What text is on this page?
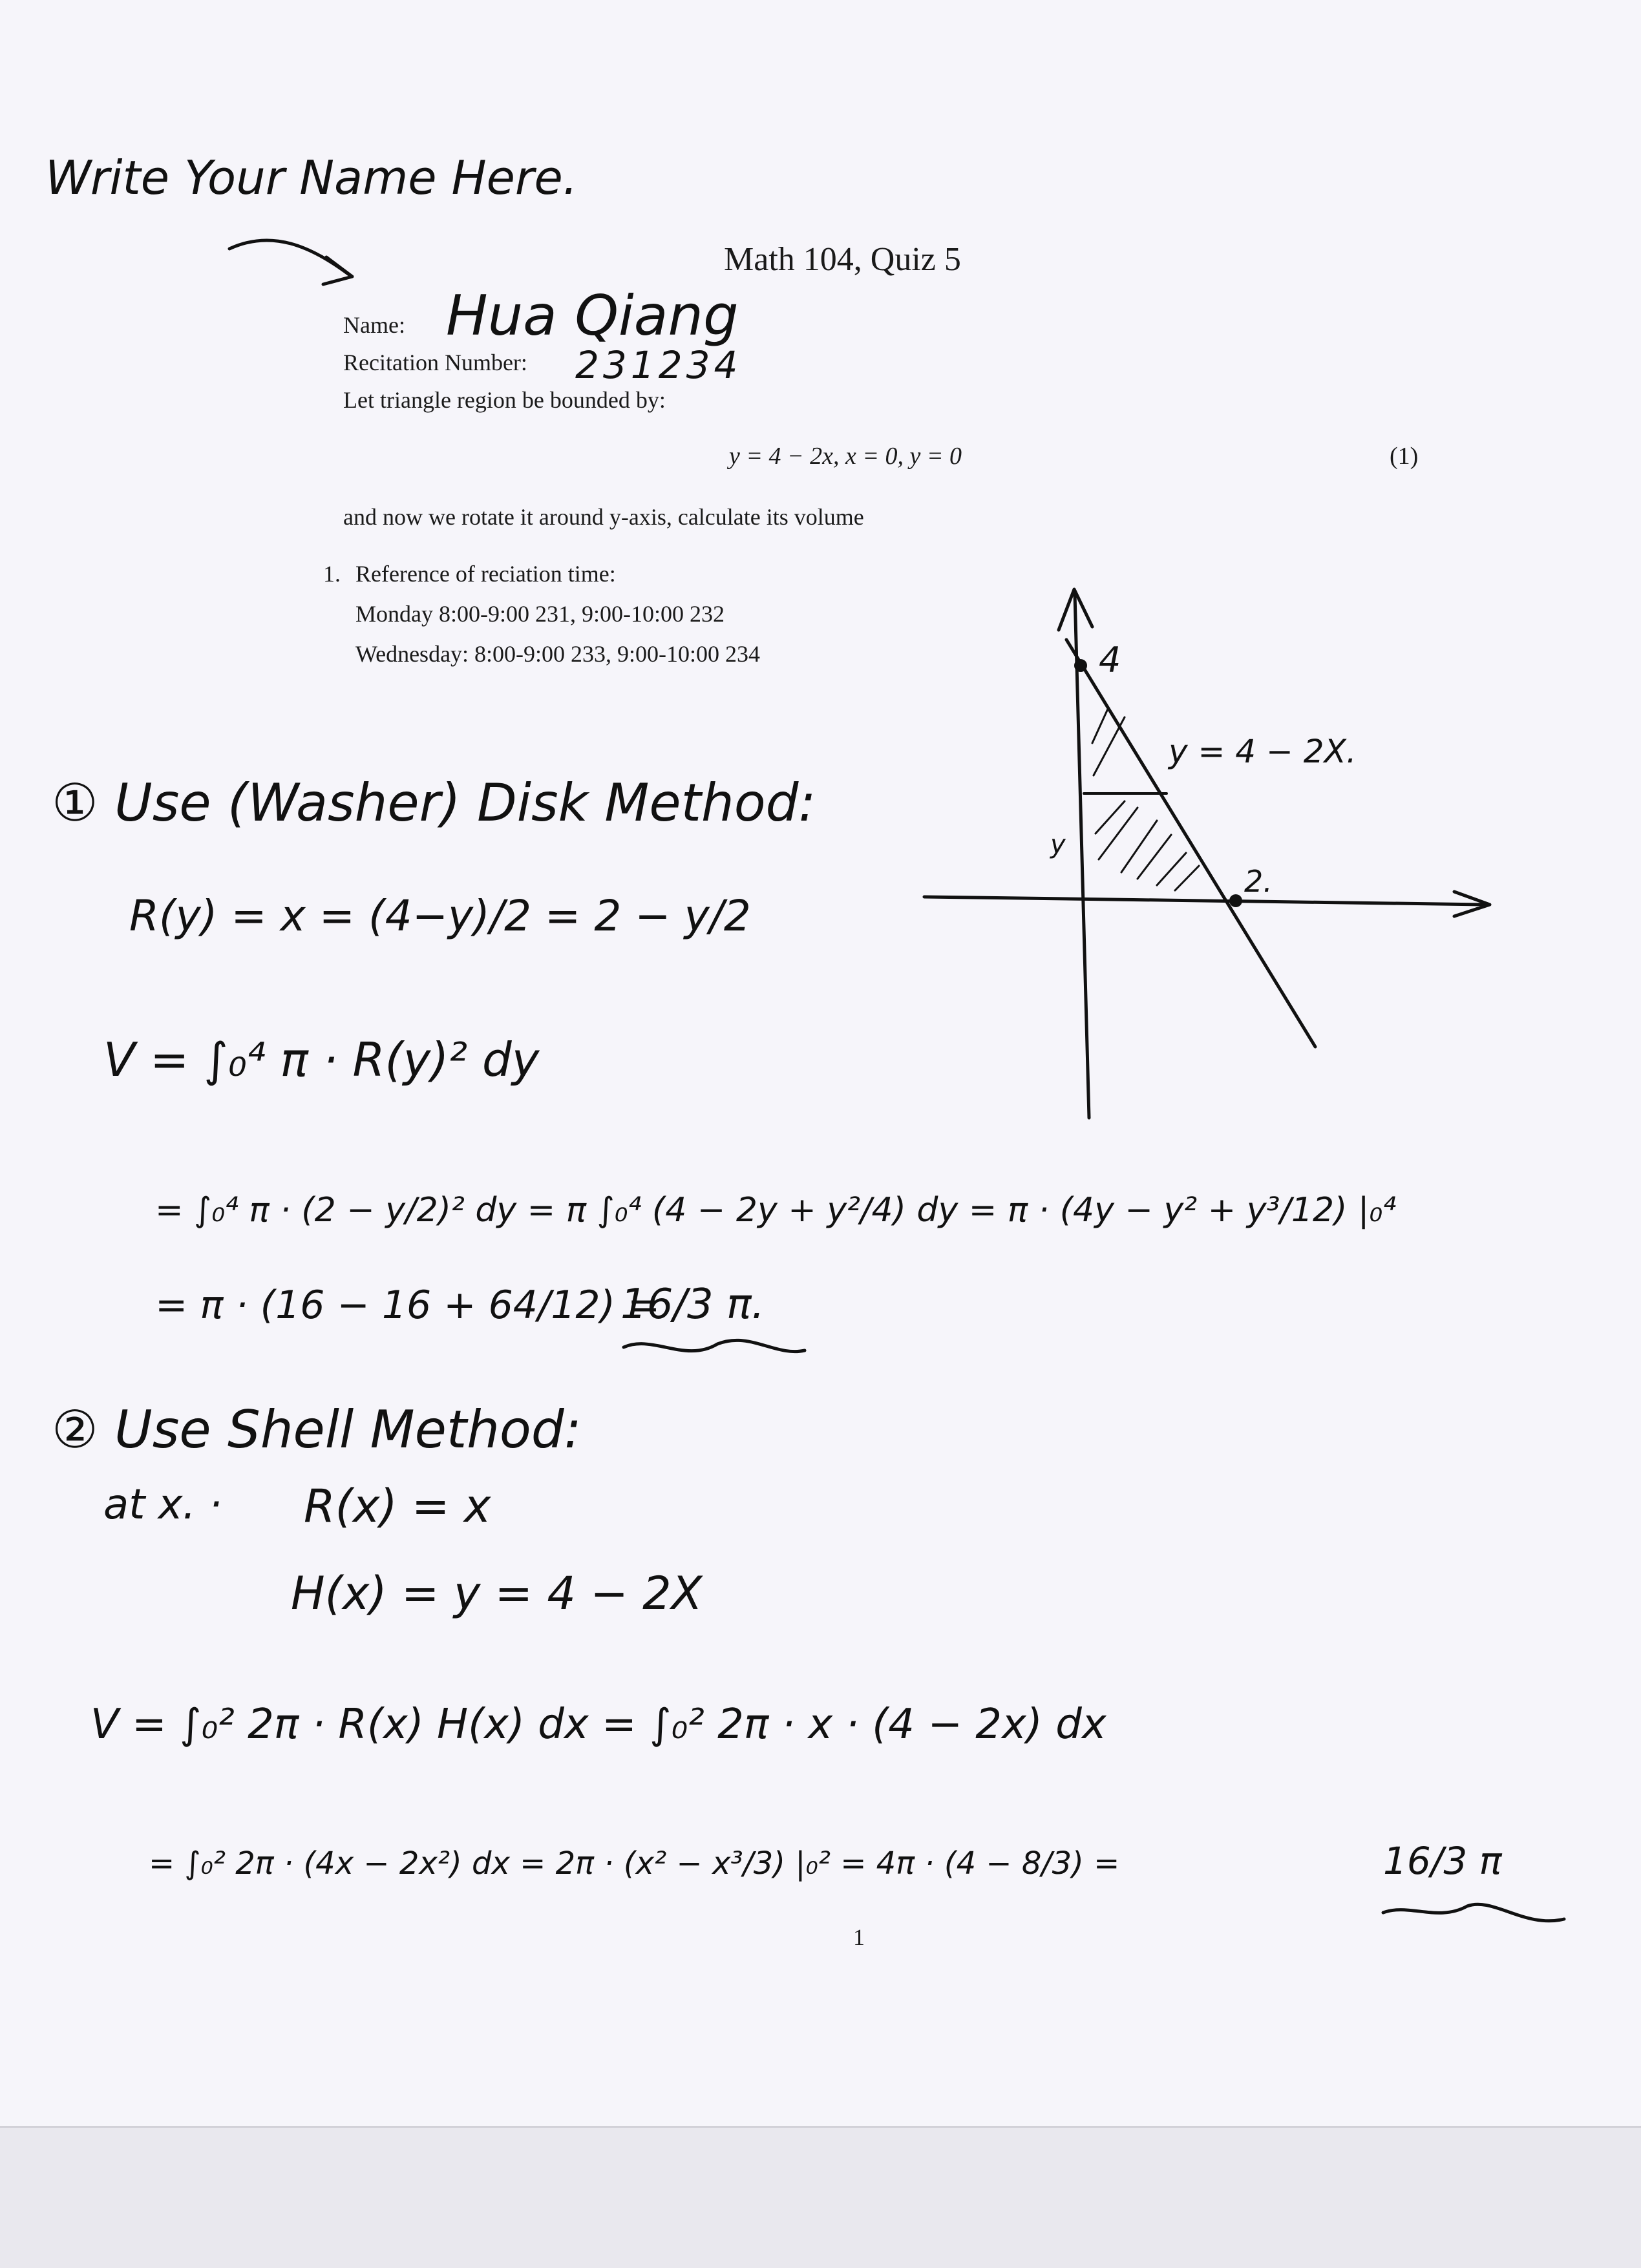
Write Your Name Here.
Math 104, Quiz 5
Name: Hua Qiang
Recitation Number: 231234
Let triangle region be bounded by:
y = 4 − 2x, x = 0, y = 0	(1)
and now we rotate it around y-axis, calculate its volume
1. Reference of reciation time:
Monday 8:00-9:00 231, 9:00-10:00 232
Wednesday: 8:00-9:00 233, 9:00-10:00 234	4
2.
y = 4 − 2X.
y
① Use (Washer) Disk Method:
R(y) = x = (4−y)/2 = 2 − y/2
V = ∫₀⁴ π · R(y)² dy
= ∫₀⁴ π · (2 − y/2)² dy = π ∫₀⁴ (4 − 2y + y²/4) dy = π · (4y − y² + y³/12) |₀⁴
= π · (16 − 16 + 64/12) =
16/3 π.
② Use Shell Method:
at x. · R(x) = x
H(x) = y = 4 − 2X
V = ∫₀² 2π · R(x) H(x) dx = ∫₀² 2π · x · (4 − 2x) dx
= ∫₀² 2π · (4x − 2x²) dx = 2π · (x² − x³/3) |₀² = 4π · (4 − 8/3) =	16/3 π
1
